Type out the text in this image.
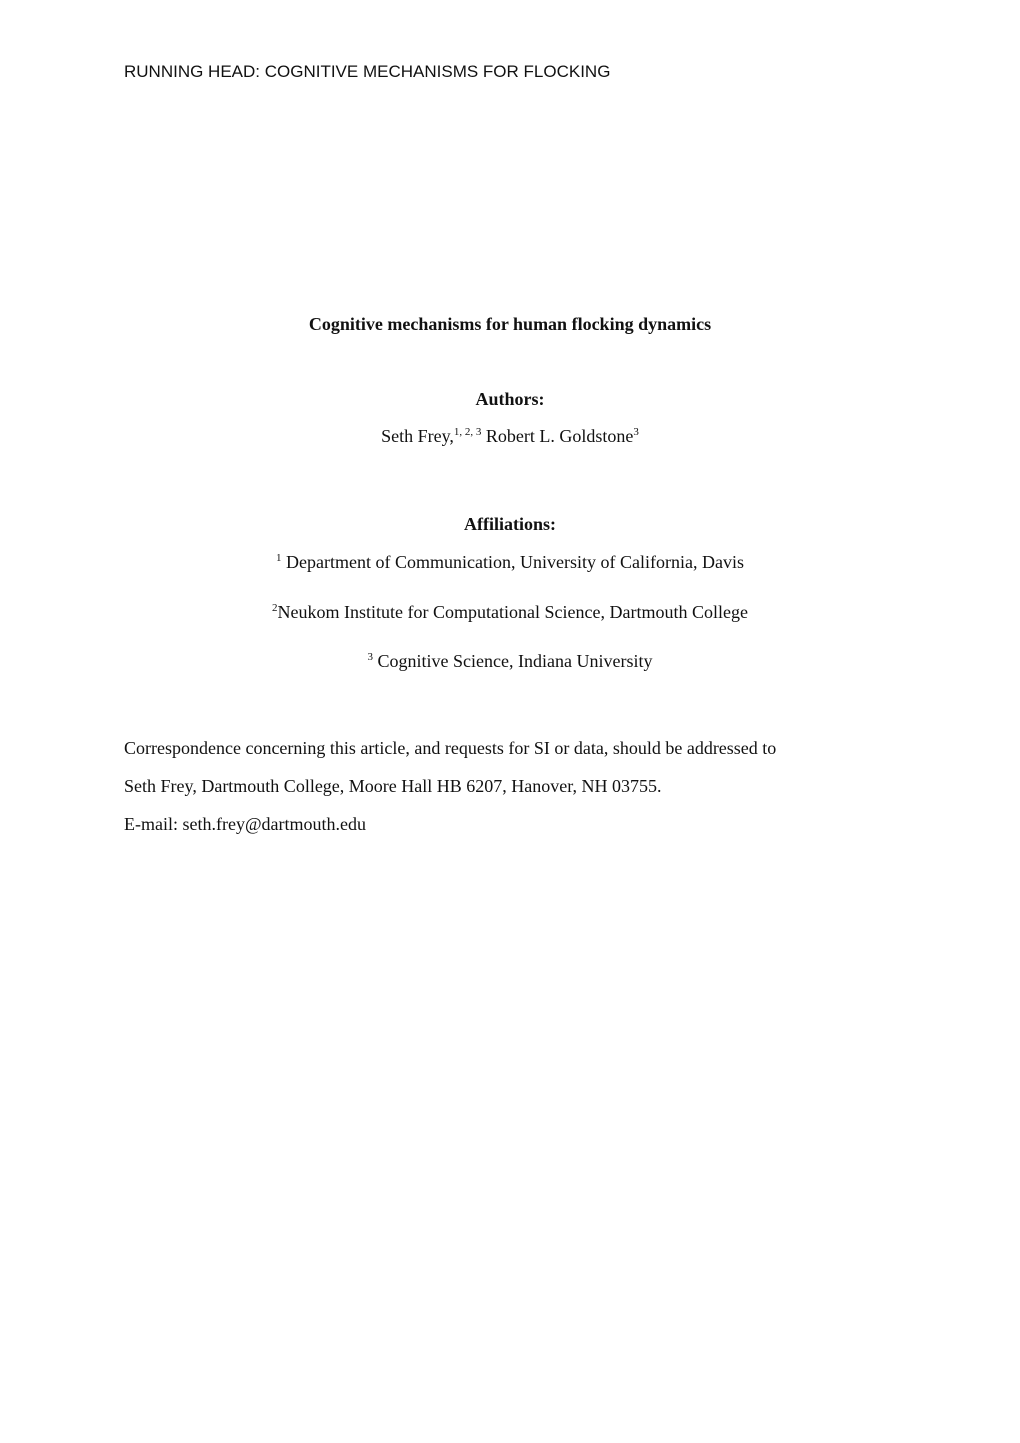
RUNNING HEAD: COGNITIVE MECHANISMS FOR FLOCKING
Cognitive mechanisms for human flocking dynamics
Authors:
Seth Frey,$^{1, 2, 3}$ Robert L. Goldstone$^3$
Affiliations:
$^1$ Department of Communication, University of California, Davis
$^2$Neukom Institute for Computational Science, Dartmouth College
$^3$ Cognitive Science, Indiana University
Correspondence concerning this article, and requests for SI or data, should be addressed to
Seth Frey, Dartmouth College, Moore Hall HB 6207, Hanover, NH 03755.
E-mail: seth.frey@dartmouth.edu
